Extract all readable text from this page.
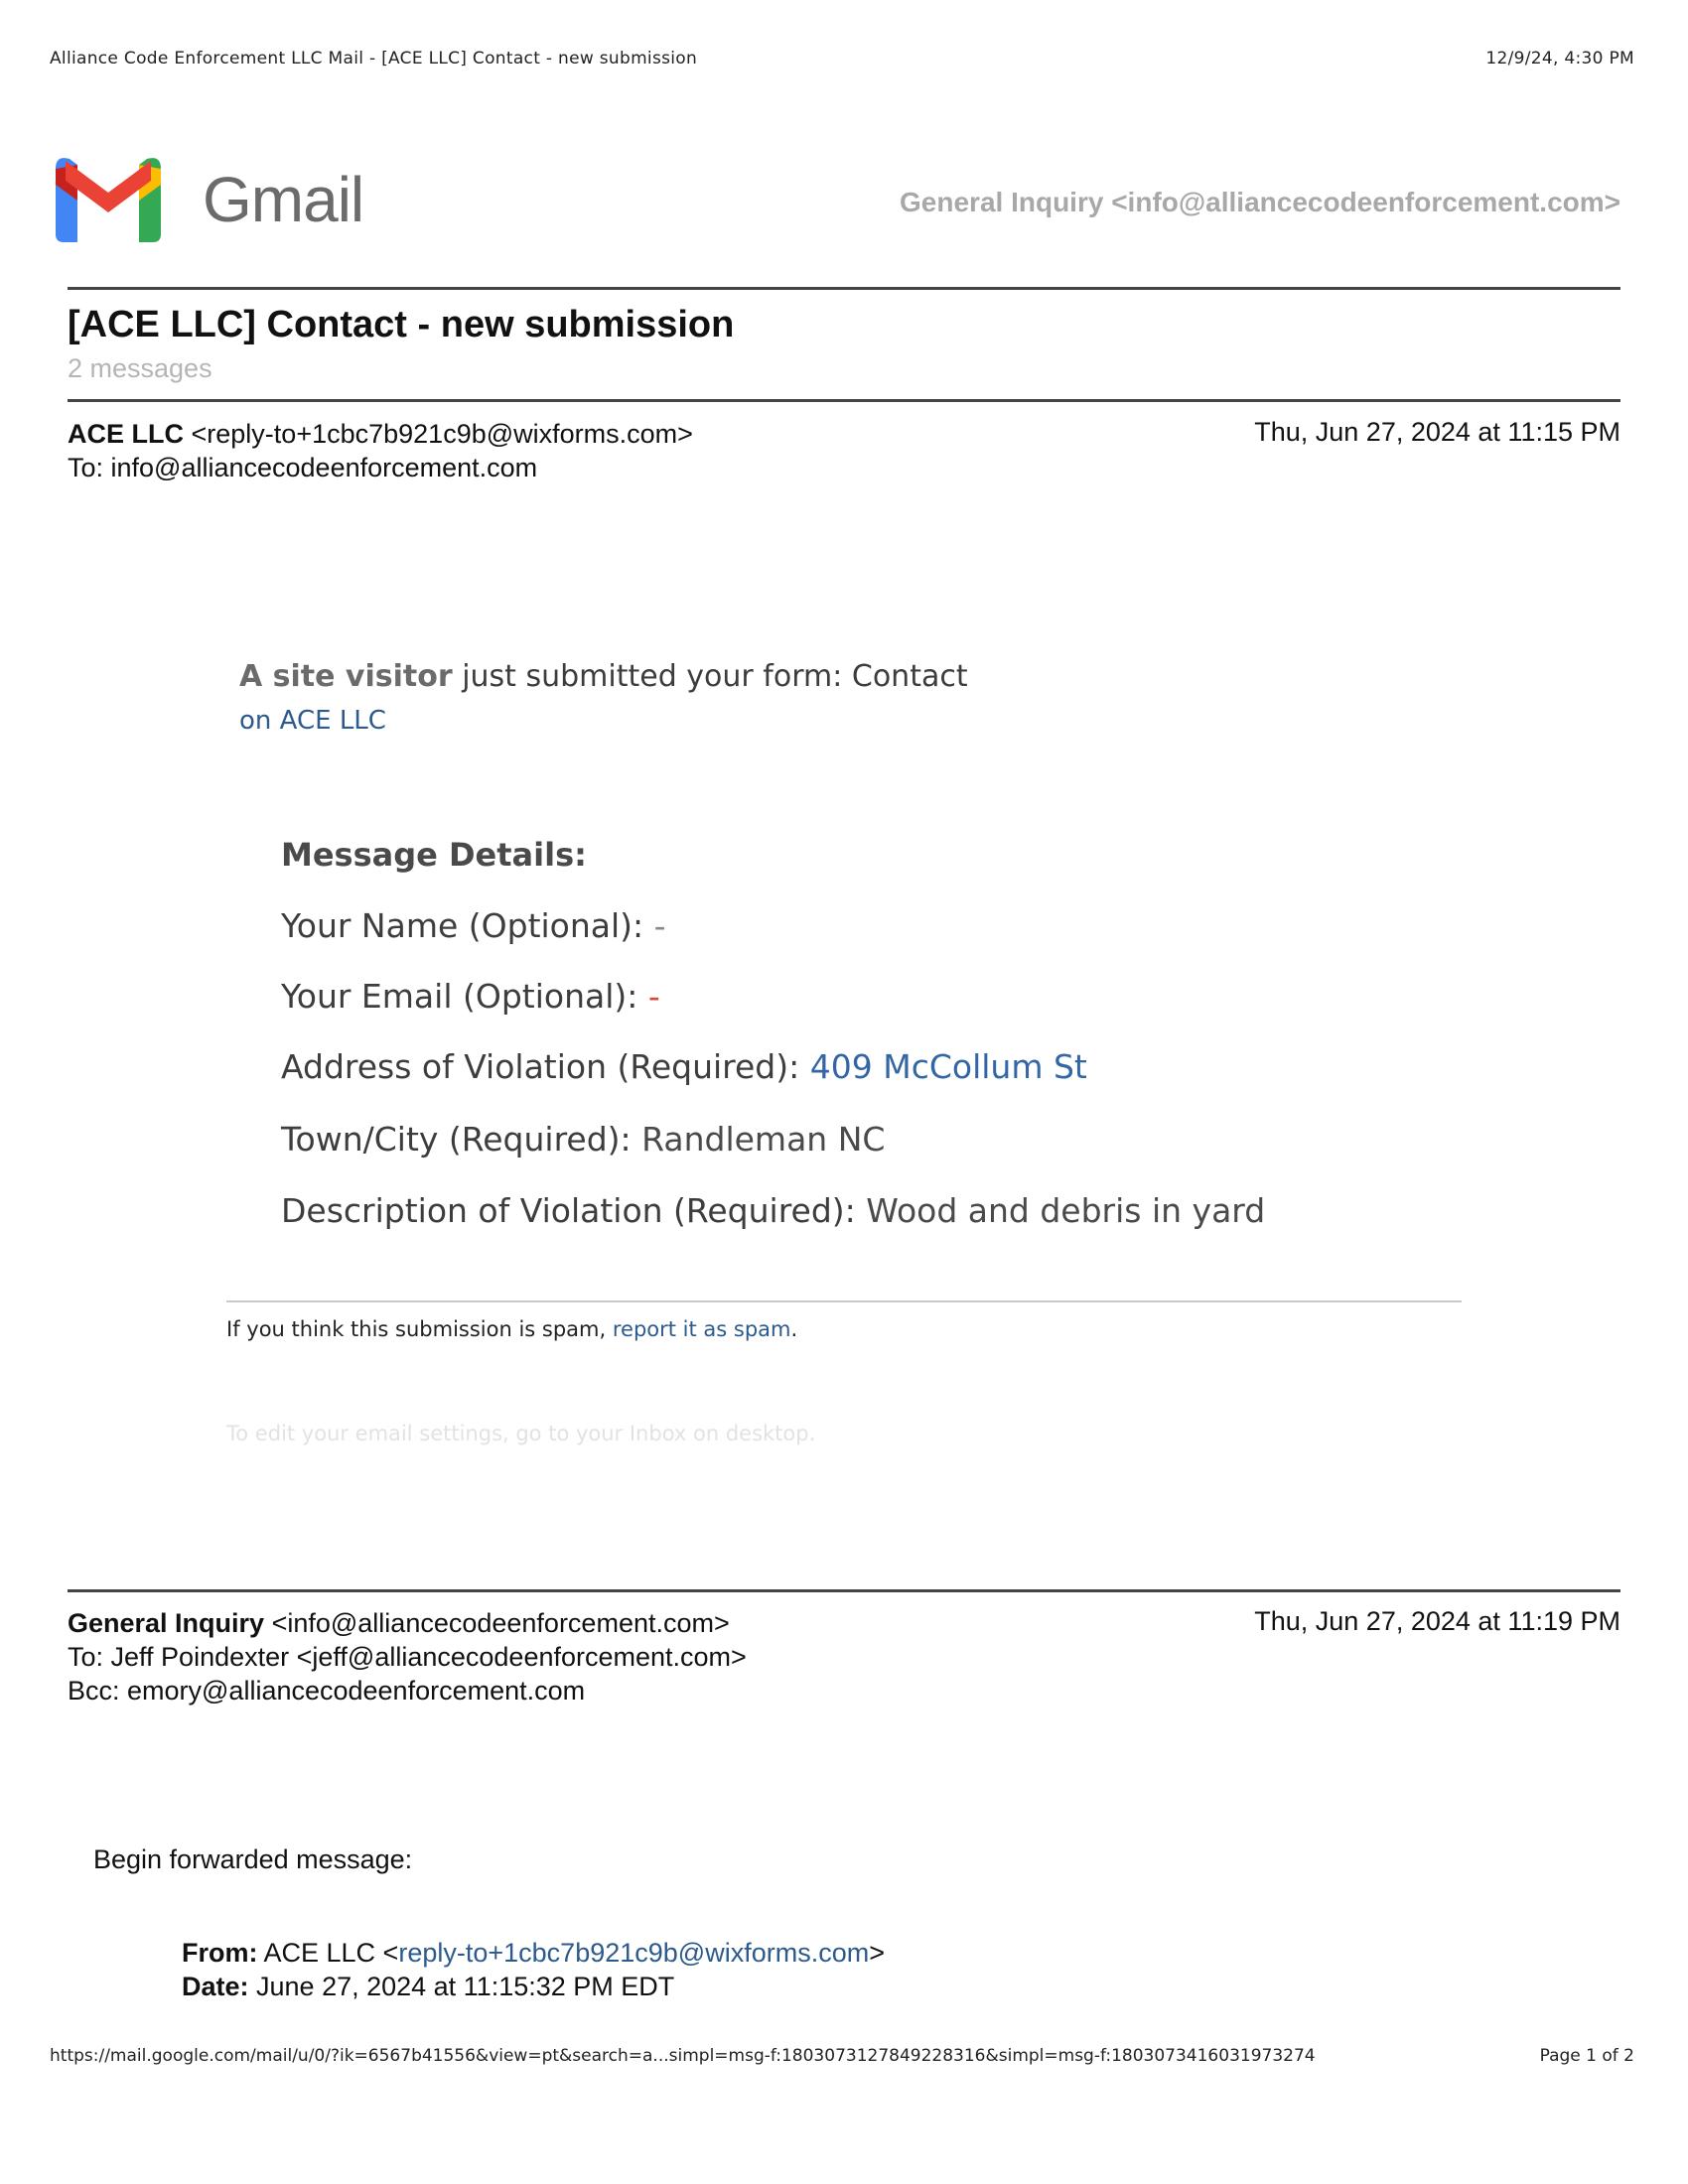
Alliance Code Enforcement LLC Mail - [ACE LLC] Contact - new submission	12/9/24, 4:30 PM
Gmail	General Inquiry <info@alliancecodeenforcement.com>
[ACE LLC] Contact - new submission
2 messages
ACE LLC <reply-to+1cbc7b921c9b@wixforms.com>
To: info@alliancecodeenforcement.com
Thu, Jun 27, 2024 at 11:15 PM
A site visitor just submitted your form: Contact
on ACE LLC
Message Details:
Your Name (Optional): -
Your Email (Optional): -
Address of Violation (Required): 409 McCollum St
Town/City (Required): Randleman NC
Description of Violation (Required): Wood and debris in yard
If you think this submission is spam, report it as spam.
To edit your email settings, go to your Inbox on desktop.
General Inquiry <info@alliancecodeenforcement.com>
To: Jeff Poindexter <jeff@alliancecodeenforcement.com>
Bcc: emory@alliancecodeenforcement.com
Thu, Jun 27, 2024 at 11:19 PM
Begin forwarded message:
From: ACE LLC <reply-to+1cbc7b921c9b@wixforms.com>
Date: June 27, 2024 at 11:15:32 PM EDT
https://mail.google.com/mail/u/0/?ik=6567b41556&view=pt&search=a...simpl=msg-f:1803073127849228316&simpl=msg-f:1803073416031973274	Page 1 of 2
